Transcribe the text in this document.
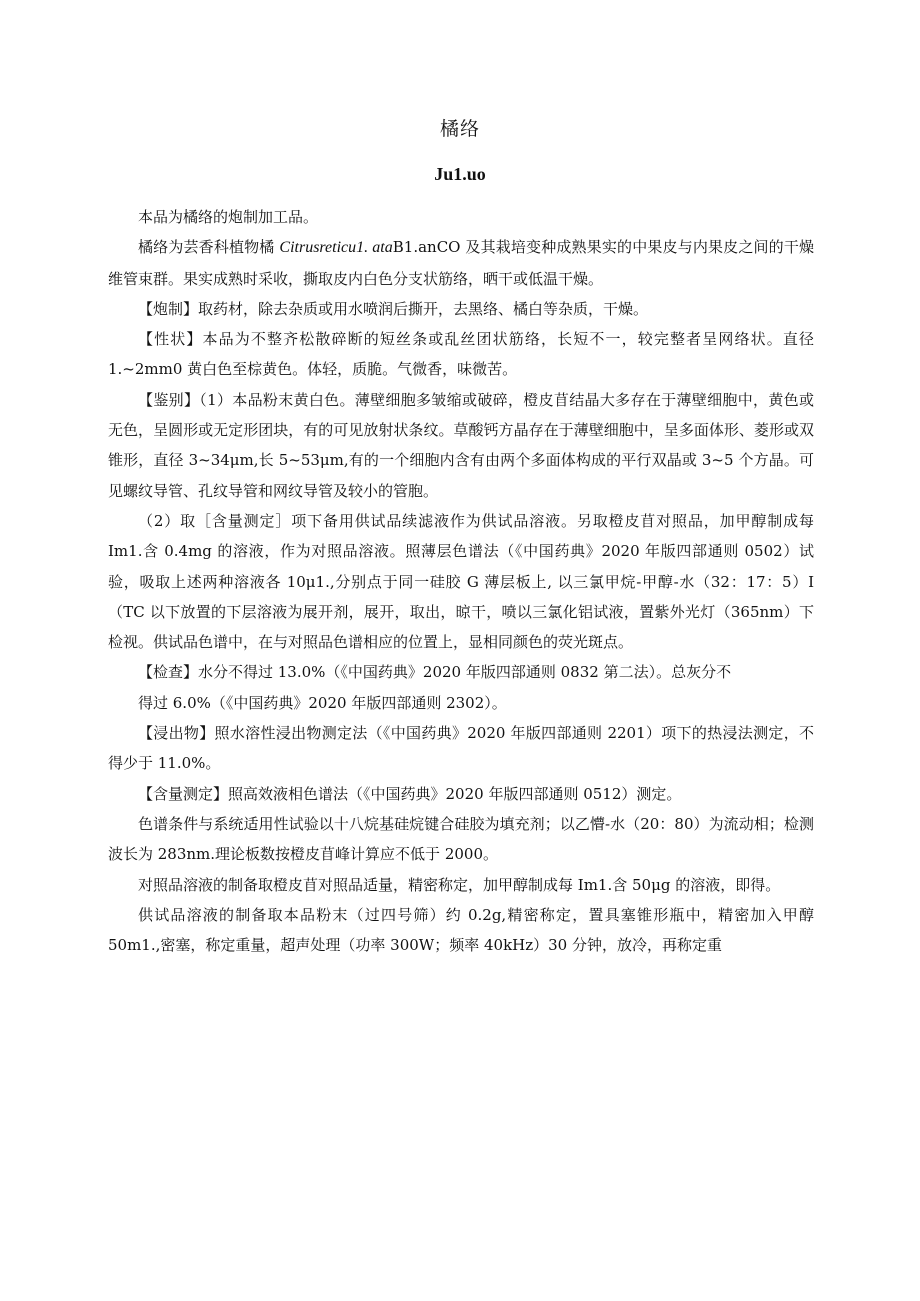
橘络
Ju1.uo

本品为橘络的炮制加工品。

橘络为芸香科植物橘 Citrusreticu1. ataB1.anCO 及其栽培变种成熟果实的中果皮与内果皮之间的干燥维管束群。果实成熟时采收，撕取皮内白色分支状筋络，晒干或低温干燥。

【炮制】取药材，除去杂质或用水喷润后撕开，去黑络、橘白等杂质，干燥。

【性状】本品为不整齐松散碎断的短丝条或乱丝团状筋络，长短不一，较完整者呈网络状。直径 1.~2mm0 黄白色至棕黄色。体轻，质脆。气微香，味微苦。

【鉴别】（1）本品粉末黄白色。薄壁细胞多皱缩或破碎，橙皮苜结晶大多存在于薄壁细胞中，黄色或无色，呈圆形或无定形团块，有的可见放射状条纹。草酸钙方晶存在于薄壁细胞中，呈多面体形、菱形或双锥形，直径 3~34μm,长 5~53μm,有的一个细胞内含有由两个多面体构成的平行双晶或 3~5 个方晶。可见螺纹导管、孔纹导管和网纹导管及较小的管胞。

（2）取［含量测定］项下备用供试品续滤液作为供试品溶液。另取橙皮苜对照品，加甲醇制成每 Im1.含 0.4mg 的溶液，作为对照品溶液。照薄层色谱法（《中国药典》2020 年版四部通则 0502）试验，吸取上述两种溶液各 10μ1.,分别点于同一硅胶 G 薄层板上, 以三氯甲烷-甲醇-水（32：17：5）I（TC 以下放置的下层溶液为展开剂，展开，取出，晾干，喷以三氯化铝试液，置紫外光灯（365nm）下检视。供试品色谱中，在与对照品色谱相应的位置上，显相同颜色的荧光斑点。

【检查】水分不得过 13.0%（《中国药典》2020 年版四部通则 0832 第二法）。总灰分不

得过 6.0%（《中国药典》2020 年版四部通则 2302）。

【浸出物】照水溶性浸出物测定法（《中国药典》2020 年版四部通则 2201）项下的热浸法测定，不得少于 11.0%。

【含量测定】照高效液相色谱法（《中国药典》2020 年版四部通则 0512）测定。

色谱条件与系统适用性试验以十八烷基硅烷键合硅胶为填充剂；以乙懵-水（20：80）为流动相；检测波长为 283nm.理论板数按橙皮苜峰计算应不低于 2000。

对照品溶液的制备取橙皮苜对照品适量，精密称定，加甲醇制成每 Im1.含 50μg 的溶液，即得。

供试品溶液的制备取本品粉末（过四号筛）约 0.2g,精密称定，置具塞锥形瓶中，精密加入甲醇 50m1.,密塞，称定重量，超声处理（功率 300W；频率 40kHz）30 分钟，放冷，再称定重
